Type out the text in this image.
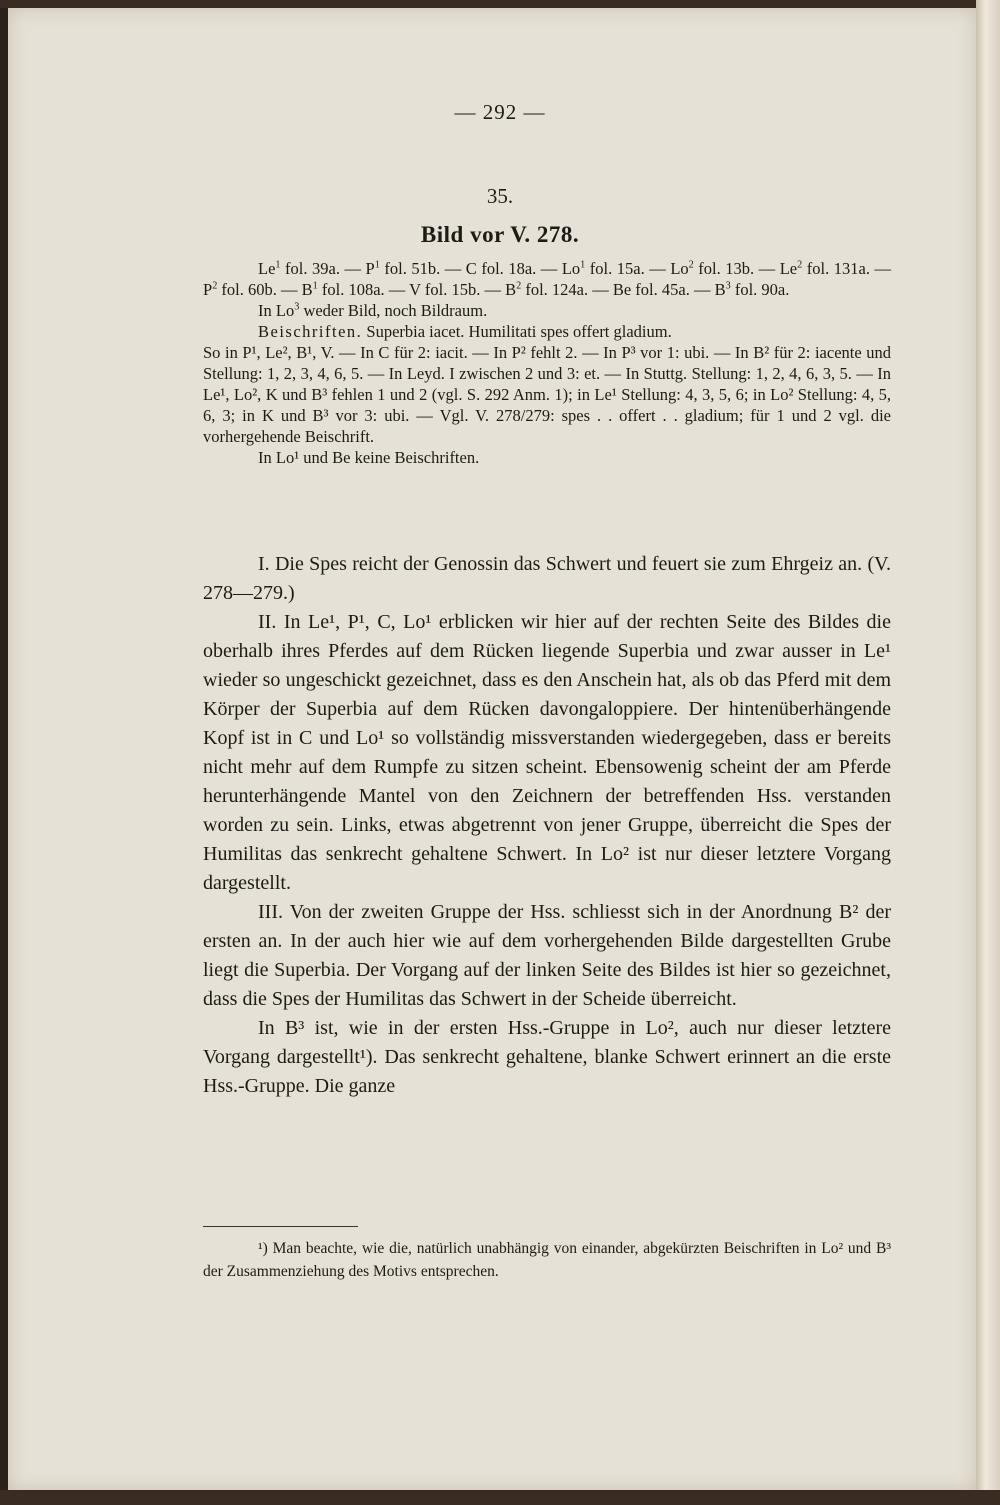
— 292 —
35.
Bild vor V. 278.

Le$^1$ fol. 39a. — $P^1$ fol. 51b. — C fol. 18a. — Lo$^1$ fol. 15a. — Lo$^2$ fol. 13b. — Le$^2$ fol. 131a. — $P^2$ fol. 60b. — $B^1$ fol. 108a. — V fol. 15b. — $B^2$ fol. 124a. — Be fol. 45a. — $B^3$ fol. 90a.

In Lo$^3$ weder Bild, noch Bildraum.

Beischriften. Superbia iacet. Humilitati spes offert gladium.

So in P¹, Le², B¹, V. — In C für 2: iacit. — In P² fehlt 2. — In P³ vor 1: ubi. — In B² für 2: iacente und Stellung: 1, 2, 3, 4, 6, 5. — In Leyd. I zwischen 2 und 3: et. — In Stuttg. Stellung: 1, 2, 4, 6, 3, 5. — In Le¹, Lo², K und B³ fehlen 1 und 2 (vgl. S. 292 Anm. 1); in Le¹ Stellung: 4, 3, 5, 6; in Lo² Stellung: 4, 5, 6, 3; in K und B³ vor 3: ubi. — Vgl. V. 278/279: spes . . offert . . gladium; für 1 und 2 vgl. die vorhergehende Beischrift.

In Lo¹ und Be keine Beischriften.

I. Die Spes reicht der Genossin das Schwert und feuert sie zum Ehrgeiz an. (V. 278—279.)

II. In Le¹, P¹, C, Lo¹ erblicken wir hier auf der rechten Seite des Bildes die oberhalb ihres Pferdes auf dem Rücken liegende Superbia und zwar ausser in Le¹ wieder so ungeschickt gezeichnet, dass es den Anschein hat, als ob das Pferd mit dem Körper der Superbia auf dem Rücken davongaloppiere. Der hintenüberhängende Kopf ist in C und Lo¹ so vollständig missverstanden wiedergegeben, dass er bereits nicht mehr auf dem Rumpfe zu sitzen scheint. Ebensowenig scheint der am Pferde herunterhängende Mantel von den Zeichnern der betreffenden Hss. verstanden worden zu sein. Links, etwas abgetrennt von jener Gruppe, überreicht die Spes der Humilitas das senkrecht gehaltene Schwert. In Lo² ist nur dieser letztere Vorgang dargestellt.

III. Von der zweiten Gruppe der Hss. schliesst sich in der Anordnung B² der ersten an. In der auch hier wie auf dem vorhergehenden Bilde dargestellten Grube liegt die Superbia. Der Vorgang auf der linken Seite des Bildes ist hier so gezeichnet, dass die Spes der Humilitas das Schwert in der Scheide überreicht.

In B³ ist, wie in der ersten Hss.-Gruppe in Lo², auch nur dieser letztere Vorgang dargestellt¹). Das senkrecht gehaltene, blanke Schwert erinnert an die erste Hss.-Gruppe. Die ganze

¹) Man beachte, wie die, natürlich unabhängig von einander, abgekürzten Beischriften in Lo² und B³ der Zusammenziehung des Motivs entsprechen.
